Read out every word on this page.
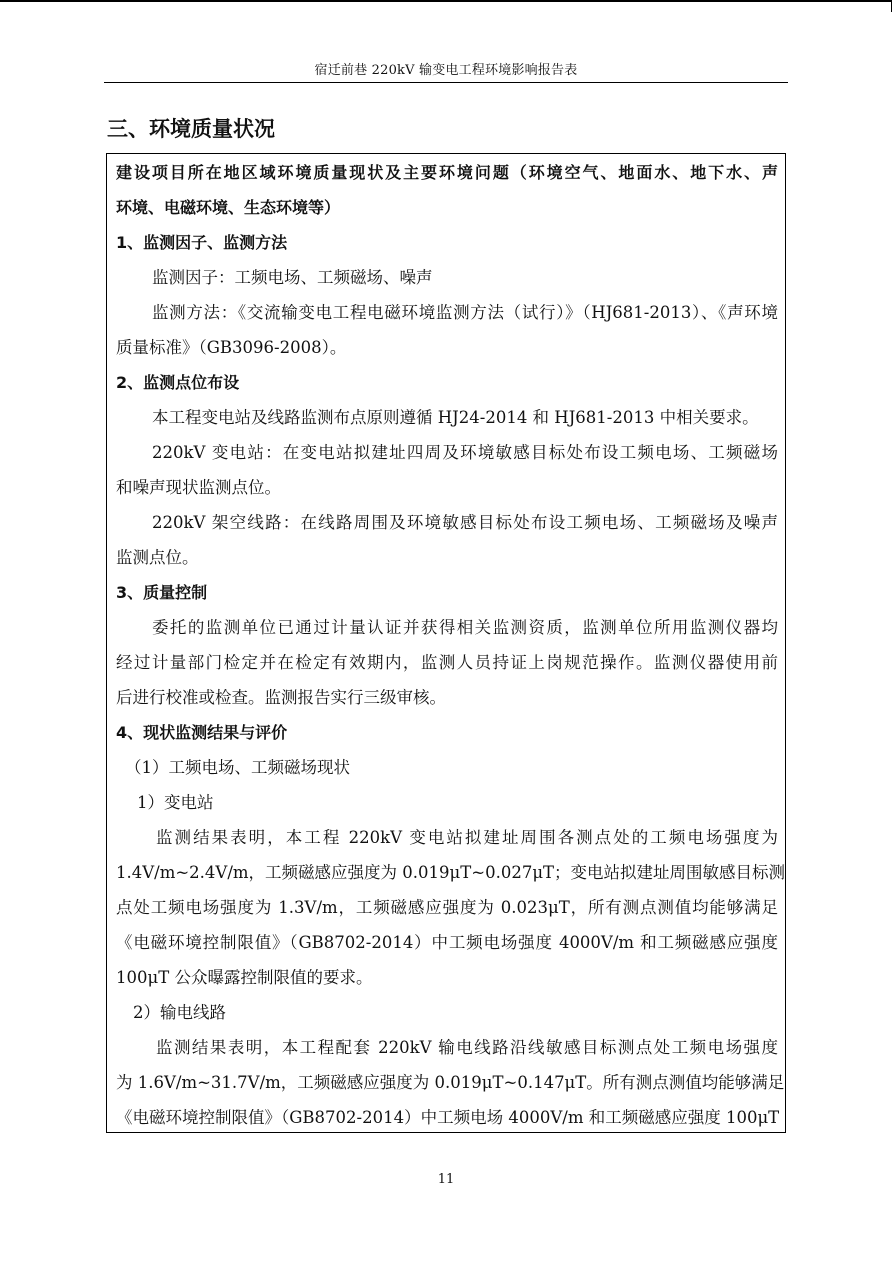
宿迁前巷 220kV 输变电工程环境影响报告表
三、环境质量状况
建设项目所在地区域环境质量现状及主要环境问题（环境空气、地面水、地下水、声
环境、电磁环境、生态环境等）
1、监测因子、监测方法
监测因子：工频电场、工频磁场、噪声
监测方法：《交流输变电工程电磁环境监测方法（试行）》（HJ681-2013）、《声环境
质量标准》（GB3096-2008）。
2、监测点位布设
本工程变电站及线路监测布点原则遵循 HJ24-2014 和 HJ681-2013 中相关要求。
220kV 变电站：在变电站拟建址四周及环境敏感目标处布设工频电场、工频磁场
和噪声现状监测点位。
220kV 架空线路：在线路周围及环境敏感目标处布设工频电场、工频磁场及噪声
监测点位。
3、质量控制
委托的监测单位已通过计量认证并获得相关监测资质，监测单位所用监测仪器均
经过计量部门检定并在检定有效期内，监测人员持证上岗规范操作。监测仪器使用前
后进行校准或检查。监测报告实行三级审核。
4、现状监测结果与评价
（1）工频电场、工频磁场现状
1）变电站
监测结果表明，本工程 220kV 变电站拟建址周围各测点处的工频电场强度为
1.4V/m~2.4V/m，工频磁感应强度为 0.019μT~0.027μT；变电站拟建址周围敏感目标测
点处工频电场强度为 1.3V/m，工频磁感应强度为 0.023μT，所有测点测值均能够满足
《电磁环境控制限值》（GB8702-2014）中工频电场强度 4000V/m 和工频磁感应强度
100μT 公众曝露控制限值的要求。
2）输电线路
监测结果表明，本工程配套 220kV 输电线路沿线敏感目标测点处工频电场强度
为 1.6V/m~31.7V/m，工频磁感应强度为 0.019μT~0.147μT。所有测点测值均能够满足
《电磁环境控制限值》（GB8702-2014）中工频电场 4000V/m 和工频磁感应强度 100μT
11
